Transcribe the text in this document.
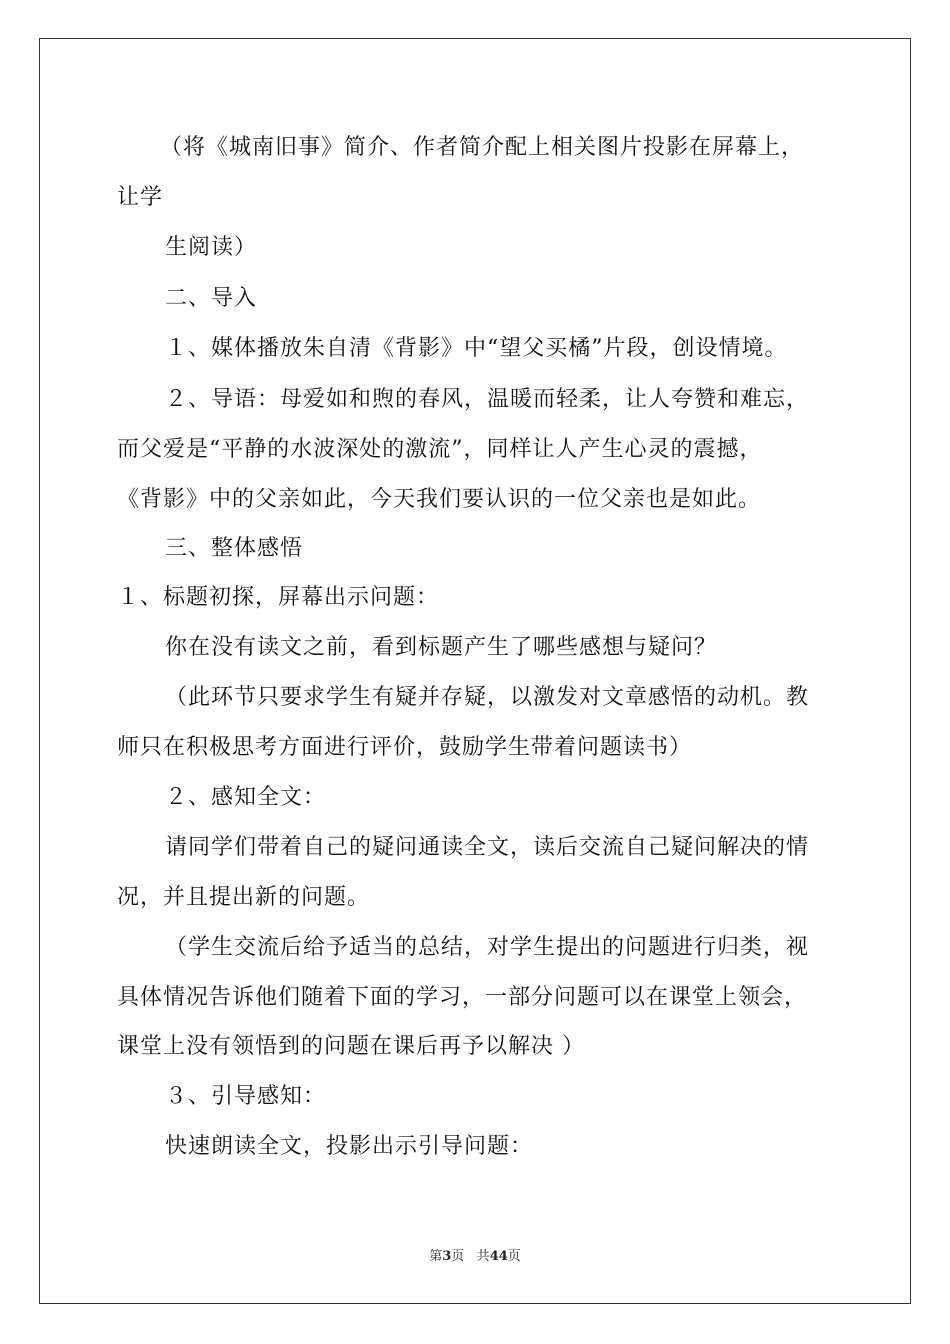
（将《城南旧事》简介、作者简介配上相关图片投影在屏幕上，
让学
生阅读）
二、导入
１、媒体播放朱自清《背影》中“望父买橘”片段，创设情境。
２、导语：母爱如和煦的春风，温暖而轻柔，让人夸赞和难忘，
而父爱是“平静的水波深处的激流”，同样让人产生心灵的震撼，
《背影》中的父亲如此，今天我们要认识的一位父亲也是如此。
三、整体感悟
１、标题初探，屏幕出示问题：
你在没有读文之前，看到标题产生了哪些感想与疑问？
（此环节只要求学生有疑并存疑，以激发对文章感悟的动机。教
师只在积极思考方面进行评价，鼓励学生带着问题读书）
２、感知全文：
请同学们带着自己的疑问通读全文，读后交流自己疑问解决的情
况，并且提出新的问题。
（学生交流后给予适当的总结，对学生提出的问题进行归类，视
具体情况告诉他们随着下面的学习，一部分问题可以在课堂上领会，
课堂上没有领悟到的问题在课后再予以解决 ）
３、引导感知：
快速朗读全文，投影出示引导问题：
第3页 共44页
